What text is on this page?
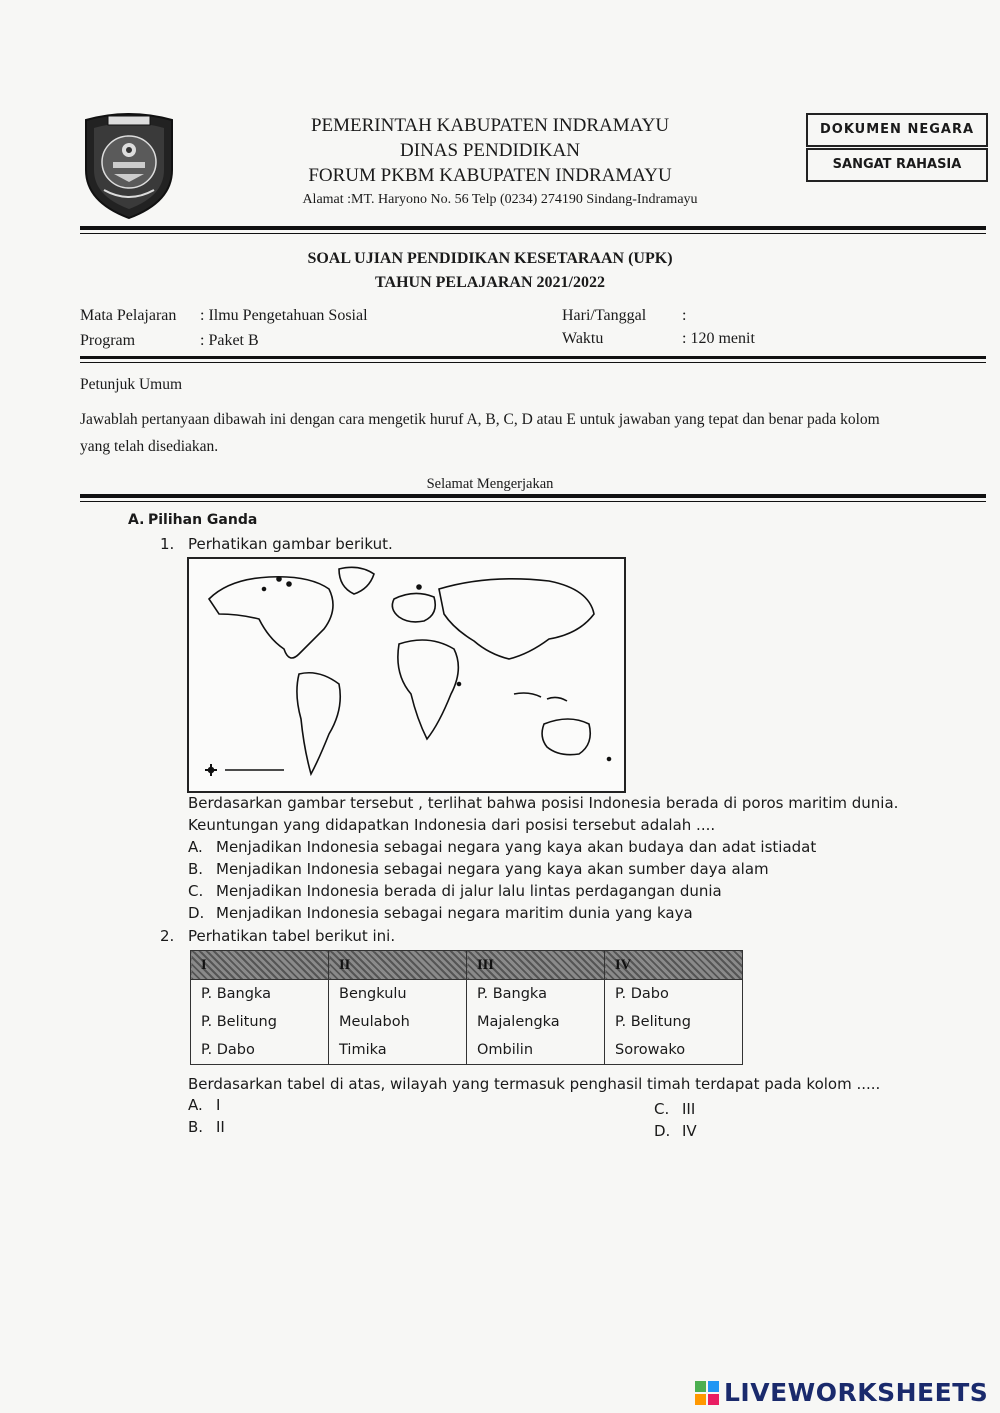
PEMERINTAH KABUPATEN INDRAMAYU
DINAS PENDIDIKAN
FORUM PKBM KABUPATEN INDRAMAYU
Alamat :MT. Haryono No. 56 Telp (0234) 274190 Sindang-Indramayu
DOKUMEN NEGARA
SANGAT RAHASIA
SOAL UJIAN PENDIDIKAN KESETARAAN (UPK)
TAHUN PELAJARAN 2021/2022
Mata Pelajaran : Ilmu Pengetahuan Sosial
Program	: Paket B
Hari/Tanggal :
Waktu	: 120 menit
Petunjuk Umum
Jawablah pertanyaan dibawah ini dengan cara mengetik huruf A, B, C, D atau E untuk jawaban yang tepat dan benar pada kolom yang telah disediakan.
Selamat Mengerjakan
A. Pilihan Ganda
1. Perhatikan gambar berikut.
Berdasarkan gambar tersebut , terlihat bahwa posisi Indonesia berada di poros maritim dunia.
Keuntungan yang didapatkan Indonesia dari posisi tersebut adalah ....
A. Menjadikan Indonesia sebagai negara yang kaya akan budaya dan adat istiadat
B. Menjadikan Indonesia sebagai negara yang kaya akan sumber daya alam
C. Menjadikan Indonesia berada di jalur lalu lintas perdagangan dunia
D. Menjadikan Indonesia sebagai negara maritim dunia yang kaya
2. Perhatikan tabel berikut ini.
I	II	III	IV
P. Bangka	Bengkulu	P. Bangka	P. Dabo
P. Belitung	Meulaboh	Majalengka	P. Belitung
P. Dabo	Timika	Ombilin	Sorowako
Berdasarkan tabel di atas, wilayah yang termasuk penghasil timah terdapat pada kolom .....
A. I
B. II
C. III
D. IV
LIVEWORKSHEETS
